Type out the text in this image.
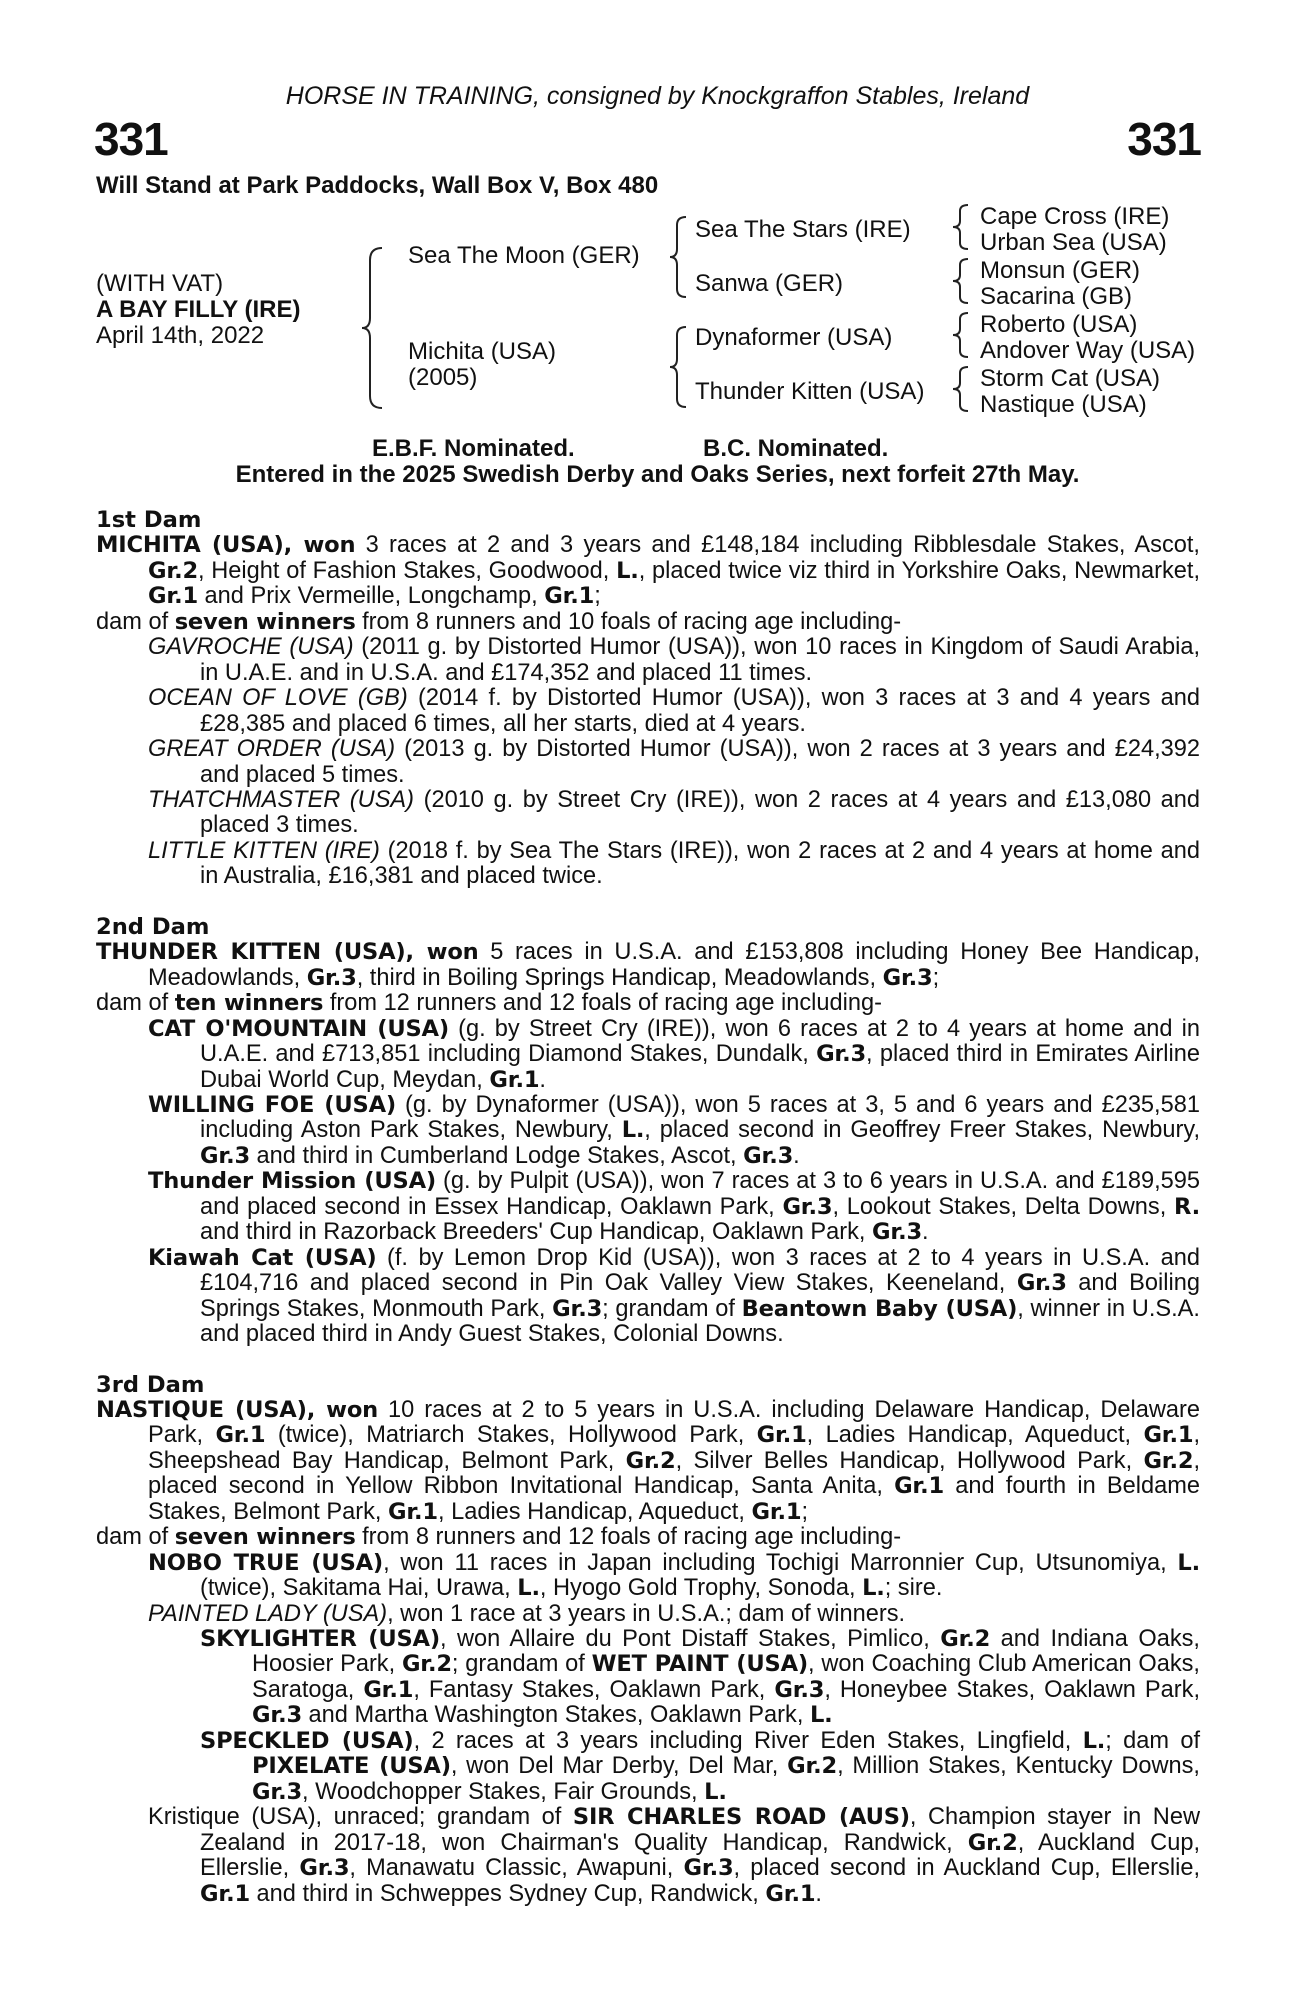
HORSE IN TRAINING, consigned by Knockgraffon Stables, Ireland
331	331
Will Stand at Park Paddocks, Wall Box V, Box 480
(WITH VAT)
A BAY FILLY (IRE)
April 14th, 2022
Sea The Moon (GER)
Michita (USA)
(2005)
Sea The Stars (IRE)
Sanwa (GER)
Dynaformer (USA)
Thunder Kitten (USA)
Cape Cross (IRE)
Urban Sea (USA)
Monsun (GER)
Sacarina (GB)
Roberto (USA)
Andover Way (USA)
Storm Cat (USA)
Nastique (USA)
E.B.F. Nominated.	B.C. Nominated.
Entered in the 2025 Swedish Derby and Oaks Series, next forfeit 27th May.
1st Dam
MICHITA (USA), won 3 races at 2 and 3 years and £148,184 including Ribblesdale Stakes, Ascot, Gr.2, Height of Fashion Stakes, Goodwood, L., placed twice viz third in Yorkshire Oaks, Newmarket, Gr.1 and Prix Vermeille, Longchamp, Gr.1;
dam of seven winners from 8 runners and 10 foals of racing age including-
GAVROCHE (USA) (2011 g. by Distorted Humor (USA)), won 10 races in Kingdom of Saudi Arabia, in U.A.E. and in U.S.A. and £174,352 and placed 11 times.
OCEAN OF LOVE (GB) (2014 f. by Distorted Humor (USA)), won 3 races at 3 and 4 years and £28,385 and placed 6 times, all her starts, died at 4 years.
GREAT ORDER (USA) (2013 g. by Distorted Humor (USA)), won 2 races at 3 years and £24,392 and placed 5 times.
THATCHMASTER (USA) (2010 g. by Street Cry (IRE)), won 2 races at 4 years and £13,080 and placed 3 times.
LITTLE KITTEN (IRE) (2018 f. by Sea The Stars (IRE)), won 2 races at 2 and 4 years at home and in Australia, £16,381 and placed twice.
2nd Dam
THUNDER KITTEN (USA), won 5 races in U.S.A. and £153,808 including Honey Bee Handicap, Meadowlands, Gr.3, third in Boiling Springs Handicap, Meadowlands, Gr.3;
dam of ten winners from 12 runners and 12 foals of racing age including-
CAT O'MOUNTAIN (USA) (g. by Street Cry (IRE)), won 6 races at 2 to 4 years at home and in U.A.E. and £713,851 including Diamond Stakes, Dundalk, Gr.3, placed third in Emirates Airline Dubai World Cup, Meydan, Gr.1.
WILLING FOE (USA) (g. by Dynaformer (USA)), won 5 races at 3, 5 and 6 years and £235,581 including Aston Park Stakes, Newbury, L., placed second in Geoffrey Freer Stakes, Newbury, Gr.3 and third in Cumberland Lodge Stakes, Ascot, Gr.3.
Thunder Mission (USA) (g. by Pulpit (USA)), won 7 races at 3 to 6 years in U.S.A. and £189,595 and placed second in Essex Handicap, Oaklawn Park, Gr.3, Lookout Stakes, Delta Downs, R. and third in Razorback Breeders' Cup Handicap, Oaklawn Park, Gr.3.
Kiawah Cat (USA) (f. by Lemon Drop Kid (USA)), won 3 races at 2 to 4 years in U.S.A. and £104,716 and placed second in Pin Oak Valley View Stakes, Keeneland, Gr.3 and Boiling Springs Stakes, Monmouth Park, Gr.3; grandam of Beantown Baby (USA), winner in U.S.A. and placed third in Andy Guest Stakes, Colonial Downs.
3rd Dam
NASTIQUE (USA), won 10 races at 2 to 5 years in U.S.A. including Delaware Handicap, Delaware Park, Gr.1 (twice), Matriarch Stakes, Hollywood Park, Gr.1, Ladies Handicap, Aqueduct, Gr.1, Sheepshead Bay Handicap, Belmont Park, Gr.2, Silver Belles Handicap, Hollywood Park, Gr.2, placed second in Yellow Ribbon Invitational Handicap, Santa Anita, Gr.1 and fourth in Beldame Stakes, Belmont Park, Gr.1, Ladies Handicap, Aqueduct, Gr.1;
dam of seven winners from 8 runners and 12 foals of racing age including-
NOBO TRUE (USA), won 11 races in Japan including Tochigi Marronnier Cup, Utsunomiya, L. (twice), Sakitama Hai, Urawa, L., Hyogo Gold Trophy, Sonoda, L.; sire.
PAINTED LADY (USA), won 1 race at 3 years in U.S.A.; dam of winners.
SKYLIGHTER (USA), won Allaire du Pont Distaff Stakes, Pimlico, Gr.2 and Indiana Oaks, Hoosier Park, Gr.2; grandam of WET PAINT (USA), won Coaching Club American Oaks, Saratoga, Gr.1, Fantasy Stakes, Oaklawn Park, Gr.3, Honeybee Stakes, Oaklawn Park, Gr.3 and Martha Washington Stakes, Oaklawn Park, L.
SPECKLED (USA), 2 races at 3 years including River Eden Stakes, Lingfield, L.; dam of PIXELATE (USA), won Del Mar Derby, Del Mar, Gr.2, Million Stakes, Kentucky Downs, Gr.3, Woodchopper Stakes, Fair Grounds, L.
Kristique (USA), unraced; grandam of SIR CHARLES ROAD (AUS), Champion stayer in New Zealand in 2017-18, won Chairman's Quality Handicap, Randwick, Gr.2, Auckland Cup, Ellerslie, Gr.3, Manawatu Classic, Awapuni, Gr.3, placed second in Auckland Cup, Ellerslie, Gr.1 and third in Schweppes Sydney Cup, Randwick, Gr.1.
